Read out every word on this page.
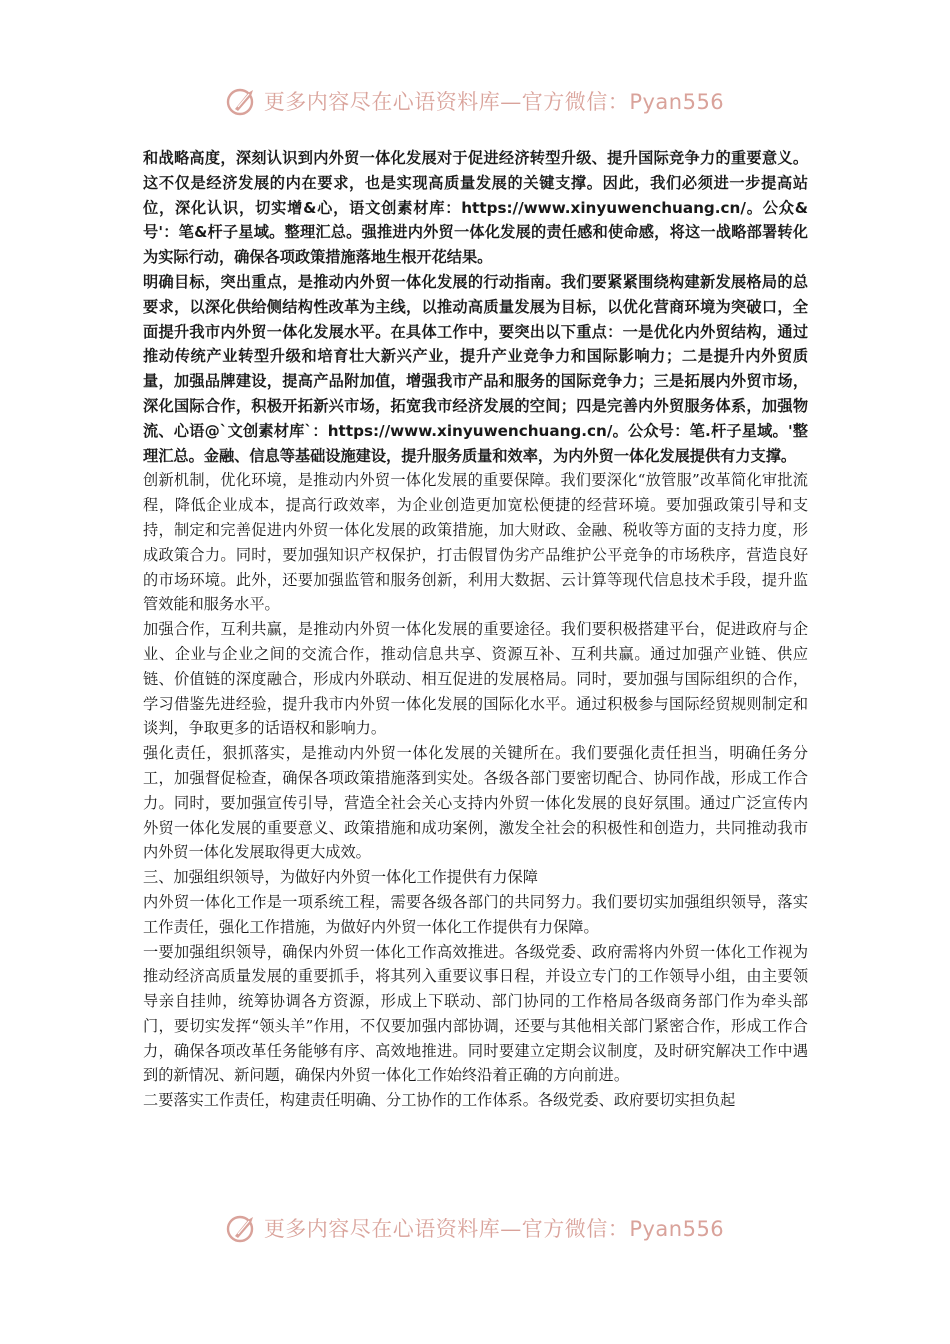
更多内容尽在心语资料库—官方微信：Pyan556

和战略高度，深刻认识到内外贸一体化发展对于促进经济转型升级、提升国际竞争力的重要意义。这不仅是经济发展的内在要求，也是实现高质量发展的关键支撑。因此，我们必须进一步提高站位，深化认识，切实增&心，语文创素材库：https://www.xinyuwenchuang.cn/。公众&号'：笔&杆子星域。整理汇总。强推进内外贸一体化发展的责任感和使命感，将这一战略部署转化为实际行动，确保各项政策措施落地生根开花结果。

明确目标，突出重点，是推动内外贸一体化发展的行动指南。我们要紧紧围绕构建新发展格局的总要求，以深化供给侧结构性改革为主线，以推动高质量发展为目标，以优化营商环境为突破口，全面提升我市内外贸一体化发展水平。在具体工作中，要突出以下重点：一是优化内外贸结构，通过推动传统产业转型升级和培育壮大新兴产业，提升产业竞争力和国际影响力；二是提升内外贸质量，加强品牌建设，提高产品附加值，增强我市产品和服务的国际竞争力；三是拓展内外贸市场，深化国际合作，积极开拓新兴市场，拓宽我市经济发展的空间；四是完善内外贸服务体系，加强物流、心语@`文创素材库`：https://www.xinyuwenchuang.cn/。公众号：笔.杆子星域。'整理汇总。金融、信息等基础设施建设，提升服务质量和效率，为内外贸一体化发展提供有力支撑。

创新机制，优化环境，是推动内外贸一体化发展的重要保障。我们要深化“放管服”改革简化审批流程，降低企业成本，提高行政效率，为企业创造更加宽松便捷的经营环境。要加强政策引导和支持，制定和完善促进内外贸一体化发展的政策措施，加大财政、金融、税收等方面的支持力度，形成政策合力。同时，要加强知识产权保护，打击假冒伪劣产品维护公平竞争的市场秩序，营造良好的市场环境。此外，还要加强监管和服务创新，利用大数据、云计算等现代信息技术手段，提升监管效能和服务水平。

加强合作，互利共赢，是推动内外贸一体化发展的重要途径。我们要积极搭建平台，促进政府与企业、企业与企业之间的交流合作，推动信息共享、资源互补、互利共赢。通过加强产业链、供应链、价值链的深度融合，形成内外联动、相互促进的发展格局。同时，要加强与国际组织的合作，学习借鉴先进经验，提升我市内外贸一体化发展的国际化水平。通过积极参与国际经贸规则制定和谈判，争取更多的话语权和影响力。

强化责任，狠抓落实，是推动内外贸一体化发展的关键所在。我们要强化责任担当，明确任务分工，加强督促检查，确保各项政策措施落到实处。各级各部门要密切配合、协同作战，形成工作合力。同时，要加强宣传引导，营造全社会关心支持内外贸一体化发展的良好氛围。通过广泛宣传内外贸一体化发展的重要意义、政策措施和成功案例，激发全社会的积极性和创造力，共同推动我市内外贸一体化发展取得更大成效。

三、加强组织领导，为做好内外贸一体化工作提供有力保障

内外贸一体化工作是一项系统工程，需要各级各部门的共同努力。我们要切实加强组织领导，落实工作责任，强化工作措施，为做好内外贸一体化工作提供有力保障。

一要加强组织领导，确保内外贸一体化工作高效推进。各级党委、政府需将内外贸一体化工作视为推动经济高质量发展的重要抓手，将其列入重要议事日程，并设立专门的工作领导小组，由主要领导亲自挂帅，统筹协调各方资源，形成上下联动、部门协同的工作格局各级商务部门作为牵头部门，要切实发挥“领头羊”作用，不仅要加强内部协调，还要与其他相关部门紧密合作，形成工作合力，确保各项改革任务能够有序、高效地推进。同时要建立定期会议制度，及时研究解决工作中遇到的新情况、新问题，确保内外贸一体化工作始终沿着正确的方向前进。

二要落实工作责任，构建责任明确、分工协作的工作体系。各级党委、政府要切实担负起

更多内容尽在心语资料库—官方微信：Pyan556
